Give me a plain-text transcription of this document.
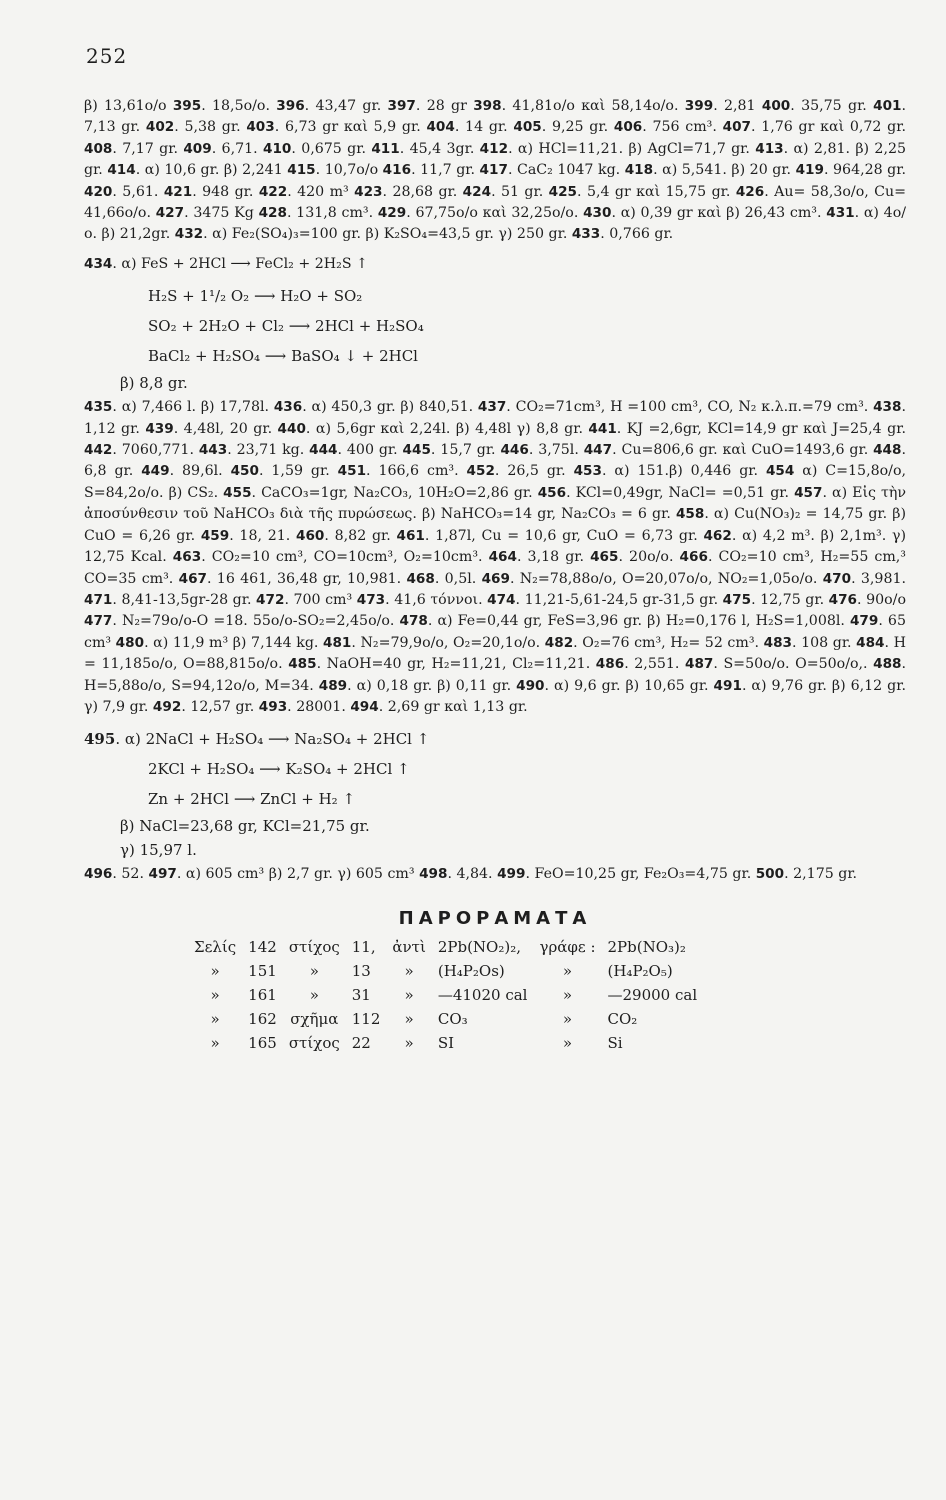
252

β) 13,61ο/ο 395. 18,5ο/ο. 396. 43,47 gr. 397. 28 gr 398. 41,81ο/ο καὶ 58,14ο/ο. 399. 2,81 400. 35,75 gr. 401. 7,13 gr. 402. 5,38 gr. 403. 6,73 gr καὶ 5,9 gr. 404. 14 gr. 405. 9,25 gr. 406. 756 cm³. 407. 1,76 gr καὶ 0,72 gr. 408. 7,17 gr. 409. 6,71. 410. 0,675 gr. 411. 45,4 3gr. 412. α) HCl=11,21. β) AgCl=71,7 gr. 413. α) 2,81. β) 2,25 gr. 414. α) 10,6 gr. β) 2,241 415. 10,7ο/ο 416. 11,7 gr. 417. CaC₂ 1047 kg. 418. α) 5,541. β) 20 gr. 419. 964,28 gr. 420. 5,61. 421. 948 gr. 422. 420 m³ 423. 28,68 gr. 424. 51 gr. 425. 5,4 gr καὶ 15,75 gr. 426. Au= 58,3ο/ο, Cu= 41,66ο/ο. 427. 3475 Kg 428. 131,8 cm³. 429. 67,75ο/ο καὶ 32,25ο/ο. 430. α) 0,39 gr καὶ β) 26,43 cm³. 431. α) 4ο/ο. β) 21,2gr. 432. α) Fe₂(SO₄)₃=100 gr. β) K₂SO₄=43,5 gr. γ) 250 gr. 433. 0,766 gr.

434. α) FeS + 2HCl ⟶ FeCl₂ + 2H₂S ↑

H₂S + 1¹/₂ O₂ ⟶ H₂O + SO₂

SO₂ + 2H₂O + Cl₂ ⟶ 2HCl + H₂SO₄

BaCl₂ + H₂SO₄ ⟶ BaSO₄ ↓ + 2HCl

β) 8,8 gr.

435. α) 7,466 l. β) 17,78l. 436. α) 450,3 gr. β) 840,51. 437. CO₂=71cm³, H =100 cm³, CO, N₂ κ.λ.π.=79 cm³. 438. 1,12 gr. 439. 4,48l, 20 gr. 440. α) 5,6gr καὶ 2,24l. β) 4,48l γ) 8,8 gr. 441. KJ =2,6gr, KCl=14,9 gr καὶ J=25,4 gr. 442. 7060,771. 443. 23,71 kg. 444. 400 gr. 445. 15,7 gr. 446. 3,75l. 447. Cu=806,6 gr. καὶ CuO=1493,6 gr. 448. 6,8 gr. 449. 89,6l. 450. 1,59 gr. 451. 166,6 cm³. 452. 26,5 gr. 453. α) 151.β) 0,446 gr. 454 α) C=15,8ο/ο, S=84,2ο/ο. β) CS₂. 455. CaCO₃=1gr, Na₂CO₃, 10H₂O=2,86 gr. 456. KCl=0,49gr, NaCl= =0,51 gr. 457. α) Εἰς τὴν ἀποσύνθεσιν τοῦ NaHCO₃ διὰ τῆς πυρώσεως. β) NaHCO₃=14 gr, Na₂CO₃ = 6 gr. 458. α) Cu(NO₃)₂ = 14,75 gr. β) CuO = 6,26 gr. 459. 18, 21. 460. 8,82 gr. 461. 1,87l, Cu = 10,6 gr, CuO = 6,73 gr. 462. α) 4,2 m³. β) 2,1m³. γ) 12,75 Kcal. 463. CO₂=10 cm³, CO=10cm³, O₂=10cm³. 464. 3,18 gr. 465. 20ο/ο. 466. CO₂=10 cm³, H₂=55 cm,³ CO=35 cm³. 467. 16 461, 36,48 gr, 10,981. 468. 0,5l. 469. N₂=78,88ο/ο, O=20,07ο/ο, NO₂=1,05ο/ο. 470. 3,981. 471. 8,41-13,5gr-28 gr. 472. 700 cm³ 473. 41,6 τόννοι. 474. 11,21-5,61-24,5 gr-31,5 gr. 475. 12,75 gr. 476. 90ο/ο 477. N₂=79ο/ο-O =18. 55ο/ο-SO₂=2,45ο/ο. 478. α) Fe=0,44 gr, FeS=3,96 gr. β) H₂=0,176 l, H₂S=1,008l. 479. 65 cm³ 480. α) 11,9 m³ β) 7,144 kg. 481. N₂=79,9ο/ο, O₂=20,1ο/ο. 482. O₂=76 cm³, H₂= 52 cm³. 483. 108 gr. 484. H = 11,185ο/ο, O=88,815ο/ο. 485. NaOH=40 gr, H₂=11,21, Cl₂=11,21. 486. 2,551. 487. S=50ο/ο. O=50ο/ο,. 488. H=5,88ο/ο, S=94,12ο/ο, M=34. 489. α) 0,18 gr. β) 0,11 gr. 490. α) 9,6 gr. β) 10,65 gr. 491. α) 9,76 gr. β) 6,12 gr. γ) 7,9 gr. 492. 12,57 gr. 493. 28001. 494. 2,69 gr καὶ 1,13 gr.

495. α) 2NaCl + H₂SO₄ ⟶ Na₂SO₄ + 2HCl ↑

2KCl + H₂SO₄ ⟶ K₂SO₄ + 2HCl ↑

Zn + 2HCl ⟶ ZnCl + H₂ ↑

β) NaCl=23,68 gr, KCl=21,75 gr.

γ) 15,97 l.

496. 52. 497. α) 605 cm³ β) 2,7 gr. γ) 605 cm³ 498. 4,84. 499. FeO=10,25 gr, Fe₂O₃=4,75 gr. 500. 2,175 gr.

ΠΑΡΟΡΑΜΑΤΑ
Σελίς	142	στίχος	11,	ἀντὶ	2Pb(NO₂)₂,	γράφε :	2Pb(NO₃)₂
»	151	»	13	»	(H₄P₂Os)	»	(H₄P₂O₅)
»	161	»	31	»	—41020 cal	»	—29000 cal
»	162	σχῆμα	112	»	CO₃	»	CO₂
»	165	στίχος	22	»	SI	»	Si
